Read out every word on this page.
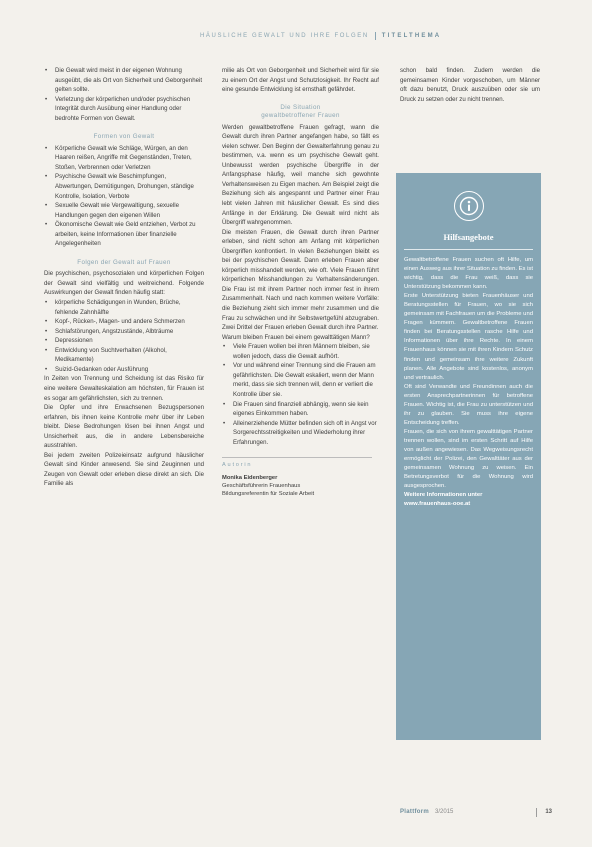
HÄUSLICHE GEWALT UND IHRE FOLGEN TITELTHEMA
• Die Gewalt wird meist in der eigenen Wohnung ausgeübt, die als Ort von Sicherheit und Geborgenheit gelten sollte.
• Verletzung der körperlichen und/oder psychischen Integrität durch Ausübung einer Handlung oder bedrohte Formen von Gewalt.
Formen von Gewalt
• Körperliche Gewalt wie Schläge, Würgen, an den Haaren reißen, Angriffe mit Gegenständen, Treten, Stoßen, Verbrennen oder Verletzen
• Psychische Gewalt wie Beschimpfungen, Abwertungen, Demütigungen, Drohungen, ständige Kontrolle, Isolation, Verbote
• Sexuelle Gewalt wie Vergewaltigung, sexuelle Handlungen gegen den eigenen Willen
• Ökonomische Gewalt wie Geld entziehen, Verbot zu arbeiten, keine Informationen über finanzielle Angelegenheiten
Folgen der Gewalt auf Frauen

Die psychischen, psychosozialen und körperlichen Folgen der Gewalt sind vielfältig und weitreichend. Folgende Auswirkungen der Gewalt finden häufig statt:

• körperliche Schädigungen in Wunden, Brüche, fehlende Zahnhälfte
• Kopf-, Rücken-, Magen- und andere Schmerzen
• Schlafstörungen, Angstzustände, Albträume
• Depressionen
• Entwicklung von Suchtverhalten (Alkohol, Medikamente)
• Suizid-Gedanken oder Ausführung

In Zeiten von Trennung und Scheidung ist das Risiko für eine weitere Gewalteskalation am höchsten, für Frauen ist es sogar am gefährlichsten, sich zu trennen.

Die Opfer und ihre Erwachsenen Bezugspersonen erfahren, bis ihnen keine Kontrolle mehr über ihr Leben bleibt. Diese Bedrohungen lösen bei ihnen Angst und Unsicherheit aus, die in andere Lebensbereiche ausstrahlen.

Bei jedem zweiten Polizeieinsatz aufgrund häuslicher Gewalt sind Kinder anwesend. Sie sind Zeuginnen und Zeugen von Gewalt oder erleben diese direkt an sich. Die Familie als

milie als Ort von Geborgenheit und Sicherheit wird für sie zu einem Ort der Angst und Schutzlosigkeit. Ihr Recht auf eine gesunde Entwicklung ist ernsthaft gefährdet.

Die Situation
gewaltbetroffener Frauen

Werden gewaltbetroffene Frauen gefragt, wann die Gewalt durch ihren Partner angefangen habe, so fällt es vielen schwer. Den Beginn der Gewalterfahrung genau zu bestimmen, v.a. wenn es um psychische Gewalt geht. Unbewusst werden psychische Übergriffe in der Anfangsphase häufig, weil manche sich gewohnte Verhaltensweisen zu Eigen machen. Am Beispiel zeigt die Beziehung sich als angespannt und Partner einer Frau lebt vielen Jahren mit häuslicher Gewalt. Es sind dies Anfänge in der Erklärung. Die Gewalt wird nicht als Übergriff wahrgenommen.

Die meisten Frauen, die Gewalt durch ihren Partner erleben, sind nicht schon am Anfang mit körperlichen Übergriffen konfrontiert. In vielen Beziehungen bleibt es bei der psychischen Gewalt. Dann erleben Frauen aber körperlich misshandelt werden, wie oft. Viele Frauen führt körperlichen Misshandlungen zu Verhaltensänderungen. Die Frau ist mit ihrem Partner noch immer fest in ihrem Zusammenhalt. Nach und nach kommen weitere Vorfälle: die Beziehung zieht sich immer mehr zusammen und die Frau zu schwächen und ihr Selbstwertgefühl abzugraben. Zwei Drittel der Frauen erleben Gewalt durch ihre Partner.

Warum bleiben Frauen bei einem gewalttätigen Mann?

• Viele Frauen wollen bei ihren Männern bleiben, sie wollen jedoch, dass die Gewalt aufhört.
• Vor und während einer Trennung sind die Frauen am gefährlichsten. Die Gewalt eskaliert, wenn der Mann merkt, dass sie sich trennen will, denn er verliert die Kontrolle über sie.
• Die Frauen sind finanziell abhängig, wenn sie kein eigenes Einkommen haben.
• Alleinerziehende Mütter befinden sich oft in Angst vor Sorgerechtsstreitigkeiten und Wiederholung ihrer Erfahrungen.
Autorin
Monika Eidenberger
Geschäftsführerin Frauenhaus
Bildungsreferentin für Soziale Arbeit

schon bald finden. Zudem werden die gemeinsamen Kinder vorgeschoben, um Männer oft dazu benutzt, Druck auszuüben oder sie um Druck zu setzen oder zu nicht trennen.

Hilfsangebote

Gewaltbetroffene Frauen suchen oft Hilfe, um einen Ausweg aus ihrer Situation zu finden. Es ist wichtig, dass die Frau weiß, dass sie Unterstützung bekommen kann.

Erste Unterstützung bieten Frauenhäuser und Beratungsstellen für Frauen, wo sie sich gemeinsam mit Fachfrauen um die Probleme und Fragen kümmern. Gewaltbetroffene Frauen finden bei Beratungsstellen rasche Hilfe und Informationen über ihre Rechte. In einem Frauenhaus können sie mit ihren Kindern Schutz finden und gemeinsam ihre weitere Zukunft planen. Alle Angebote sind kostenlos, anonym und vertraulich.

Oft sind Verwandte und Freundinnen auch die ersten Ansprechpartnerinnen für betroffene Frauen. Wichtig ist, die Frau zu unterstützen und ihr zu glauben. Sie muss ihre eigene Entscheidung treffen.

Frauen, die sich von ihrem gewalttätigen Partner trennen wollen, sind im ersten Schritt auf Hilfe von außen angewiesen. Das Wegweisungsrecht ermöglicht der Polizei, den Gewalttäter aus der gemeinsamen Wohnung zu weisen. Ein Betretungsverbot für die Wohnung wird ausgesprochen.

Weitere Informationen unter

www.frauenhaus-ooe.at

Plattform 3/2015	13
